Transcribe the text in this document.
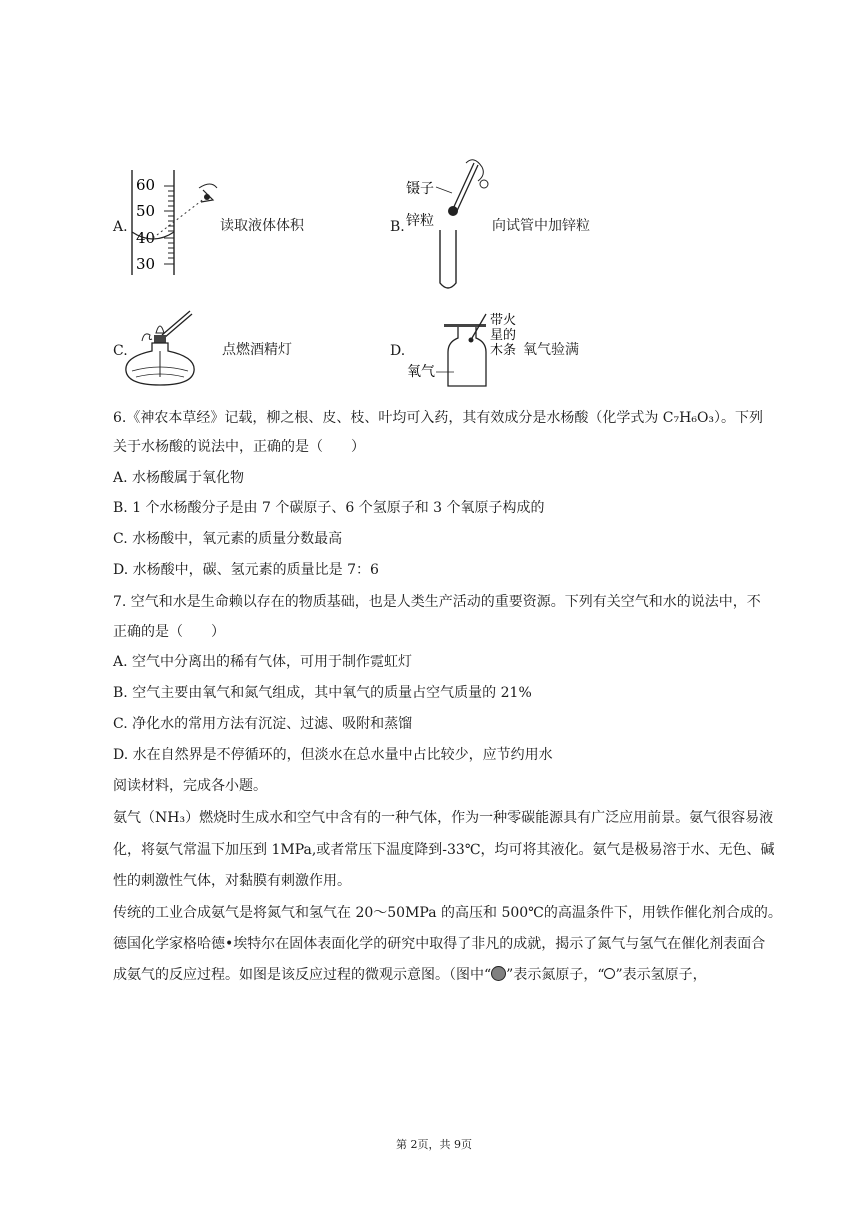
A.
60
50
40
30
读取液体体积	B.
镊子
锌粒	向试管中加锌粒
C.	点燃酒精灯	D.
氧气
带火
星的
木条 氧气验满
6.《神农本草经》记载，柳之根、皮、枝、叶均可入药，其有效成分是水杨酸（化学式为 C₇H₆O₃）。下列
关于水杨酸的说法中，正确的是（　　）
A. 水杨酸属于氧化物
B. 1 个水杨酸分子是由 7 个碳原子、6 个氢原子和 3 个氧原子构成的
C. 水杨酸中，氧元素的质量分数最高
D. 水杨酸中，碳、氢元素的质量比是 7：6
7. 空气和水是生命赖以存在的物质基础，也是人类生产活动的重要资源。下列有关空气和水的说法中，不
正确的是（　　）
A. 空气中分离出的稀有气体，可用于制作霓虹灯
B. 空气主要由氧气和氮气组成，其中氧气的质量占空气质量的 21%
C. 净化水的常用方法有沉淀、过滤、吸附和蒸馏
D. 水在自然界是不停循环的，但淡水在总水量中占比较少，应节约用水
阅读材料，完成各小题。
氨气（NH₃）燃烧时生成水和空气中含有的一种气体，作为一种零碳能源具有广泛应用前景。氨气很容易液
化，将氨气常温下加压到 1MPa,或者常压下温度降到-33℃，均可将其液化。氨气是极易溶于水、无色、碱
性的刺激性气体，对黏膜有刺激作用。
传统的工业合成氨气是将氮气和氢气在 20～50MPa 的高压和 500℃的高温条件下，用铁作催化剂合成的。
德国化学家格哈德•埃特尔在固体表面化学的研究中取得了非凡的成就，揭示了氮气与氢气在催化剂表面合
成氨气的反应过程。如图是该反应过程的微观示意图。（图中“ ”表示氮原子，“ ”表示氢原子，
第 2页，共 9页
